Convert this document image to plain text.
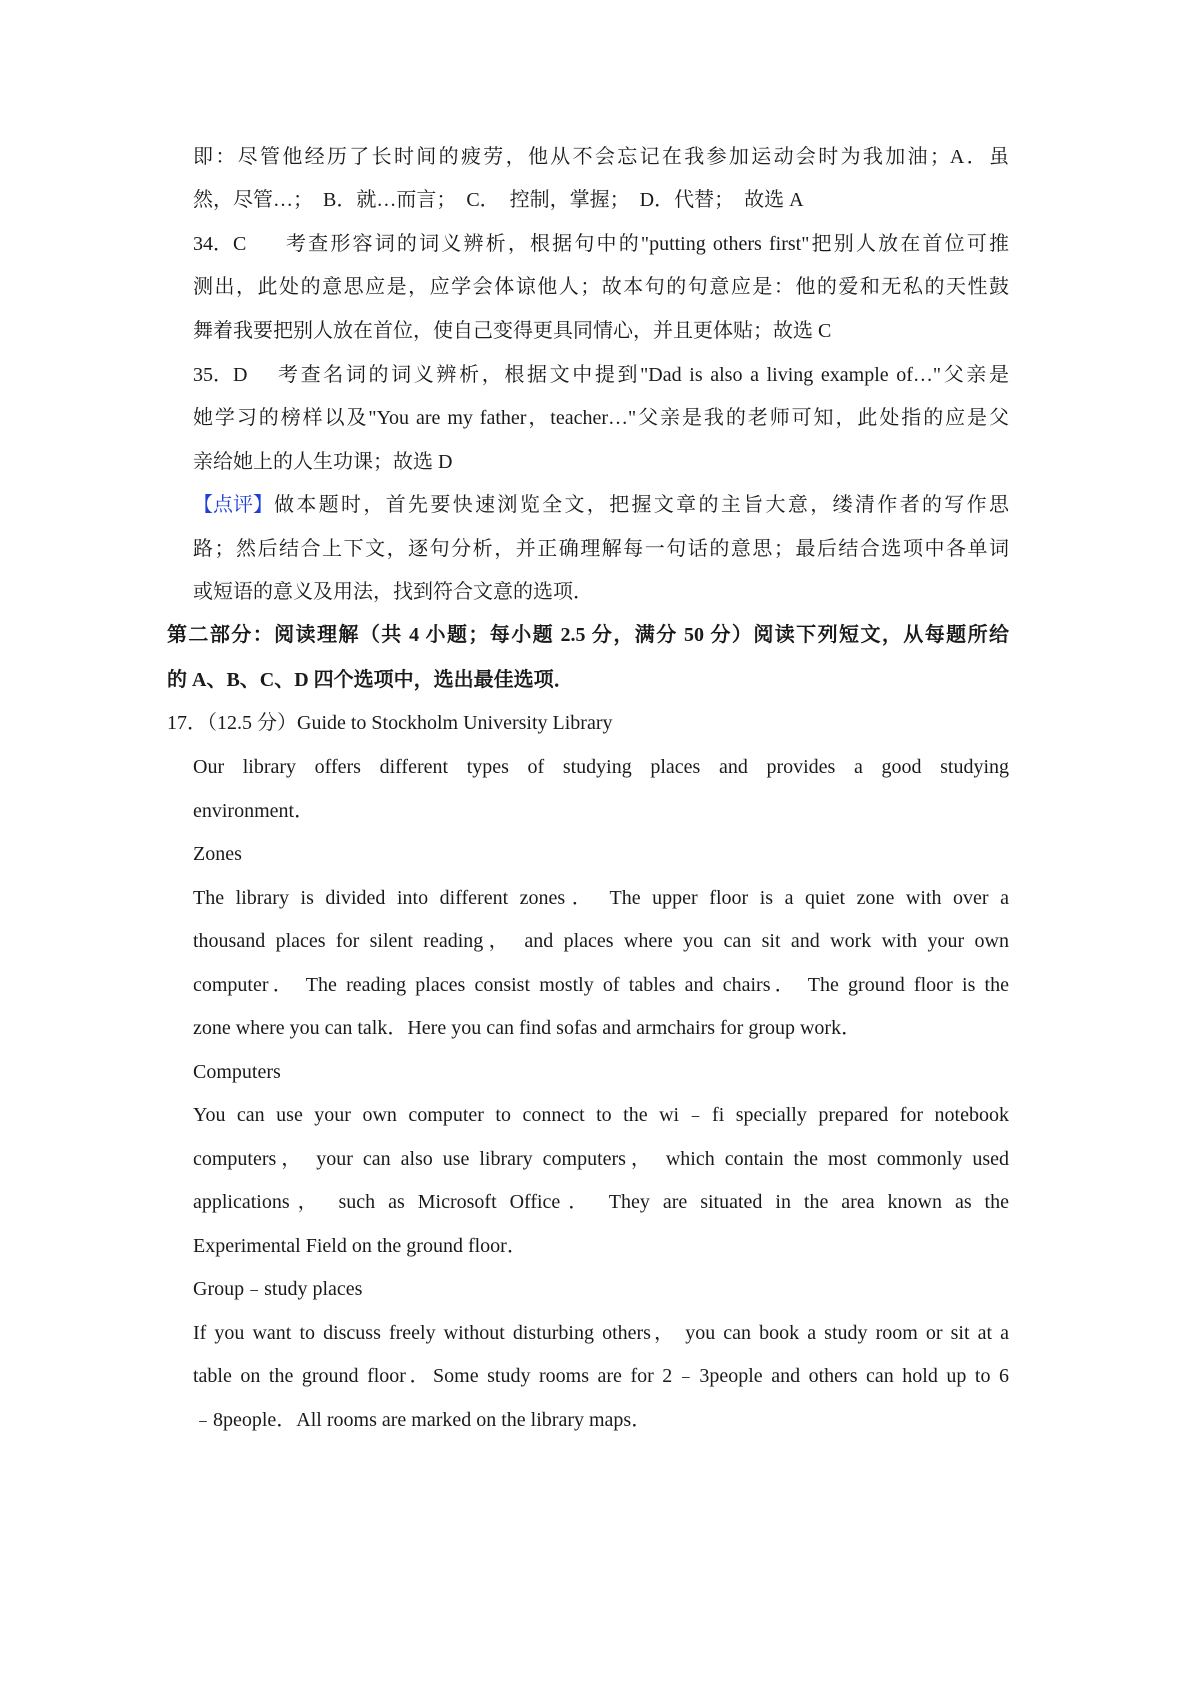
即：尽管他经历了长时间的疲劳，他从不会忘记在我参加运动会时为我加油；A．虽
然，尽管…；　B．就…而言；　C．　控制，掌握；　D．代替；　故选 A
34．C 考查形容词的词义辨析，根据句中的"putting others first"把别人放在首位可推
测出，此处的意思应是，应学会体谅他人；故本句的句意应是：他的爱和无私的天性鼓
舞着我要把别人放在首位，使自己变得更具同情心，并且更体贴；故选 C
35．D 考查名词的词义辨析，根据文中提到"Dad is also a living example of…"父亲是
她学习的榜样以及"You are my father，teacher…"父亲是我的老师可知，此处指的应是父
亲给她上的人生功课；故选 D
【点评】 做本题时，首先要快速浏览全文，把握文章的主旨大意，缕清作者的写作思
路；然后结合上下文，逐句分析，并正确理解每一句话的意思；最后结合选项中各单词
或短语的意义及用法，找到符合文意的选项．
第二部分：阅读理解（共 4 小题；每小题 2.5 分，满分 50 分）阅读下列短文，从每题所给
的 A、B、C、D 四个选项中，选出最佳选项．
17．（12.5 分）Guide to Stockholm University Library
Our library offers different types of studying places and provides a good studying
environment．
Zones
The library is divided into different zones． The upper floor is a quiet zone with over a
thousand places for silent reading， and places where you can sit and work with your own
computer． The reading places consist mostly of tables and chairs． The ground floor is the
zone where you can talk．Here you can find sofas and armchairs for group work．
Computers
You can use your own computer to connect to the wi﹣fi specially prepared for notebook
computers， your can also use library computers， which contain the most commonly used
applications， such as Microsoft Office． They are situated in the area known as the
Experimental Field on the ground floor．
Group﹣study places
If you want to discuss freely without disturbing others， you can book a study room or sit at a
table on the ground floor．Some study rooms are for 2﹣3people and others can hold up to 6
﹣8people．All rooms are marked on the library maps．
